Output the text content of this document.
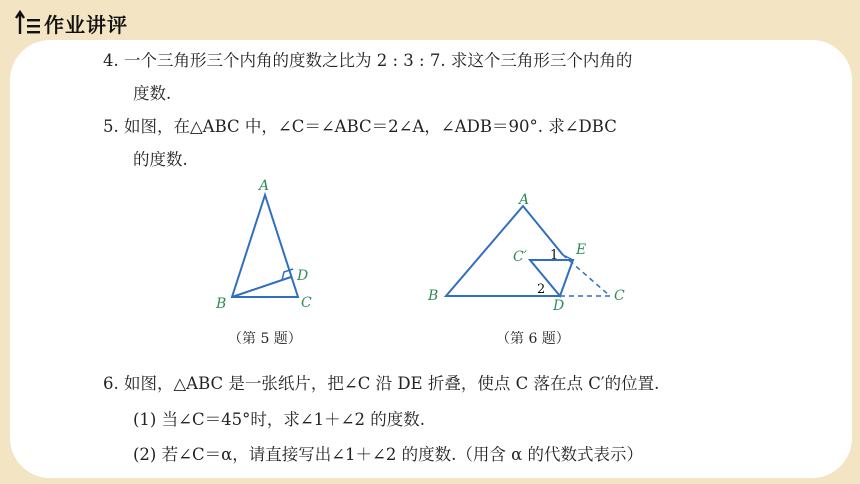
作业讲评
4. 一个三角形三个内角的度数之比为 2 : 3 : 7. 求这个三角形三个内角的
度数.
5. 如图，在△ABC 中，∠C＝∠ABC＝2∠A，∠ADB＝90°. 求∠DBC
的度数.
A
B	C
D
A
B	C
D
E
C′ 1
2
（第 5 题）	（第 6 题）
6. 如图，△ABC 是一张纸片，把∠C 沿 DE 折叠，使点 C 落在点 C′的位置.
(1) 当∠C＝45°时，求∠1＋∠2 的度数.
(2) 若∠C＝α，请直接写出∠1＋∠2 的度数.（用含 α 的代数式表示）
